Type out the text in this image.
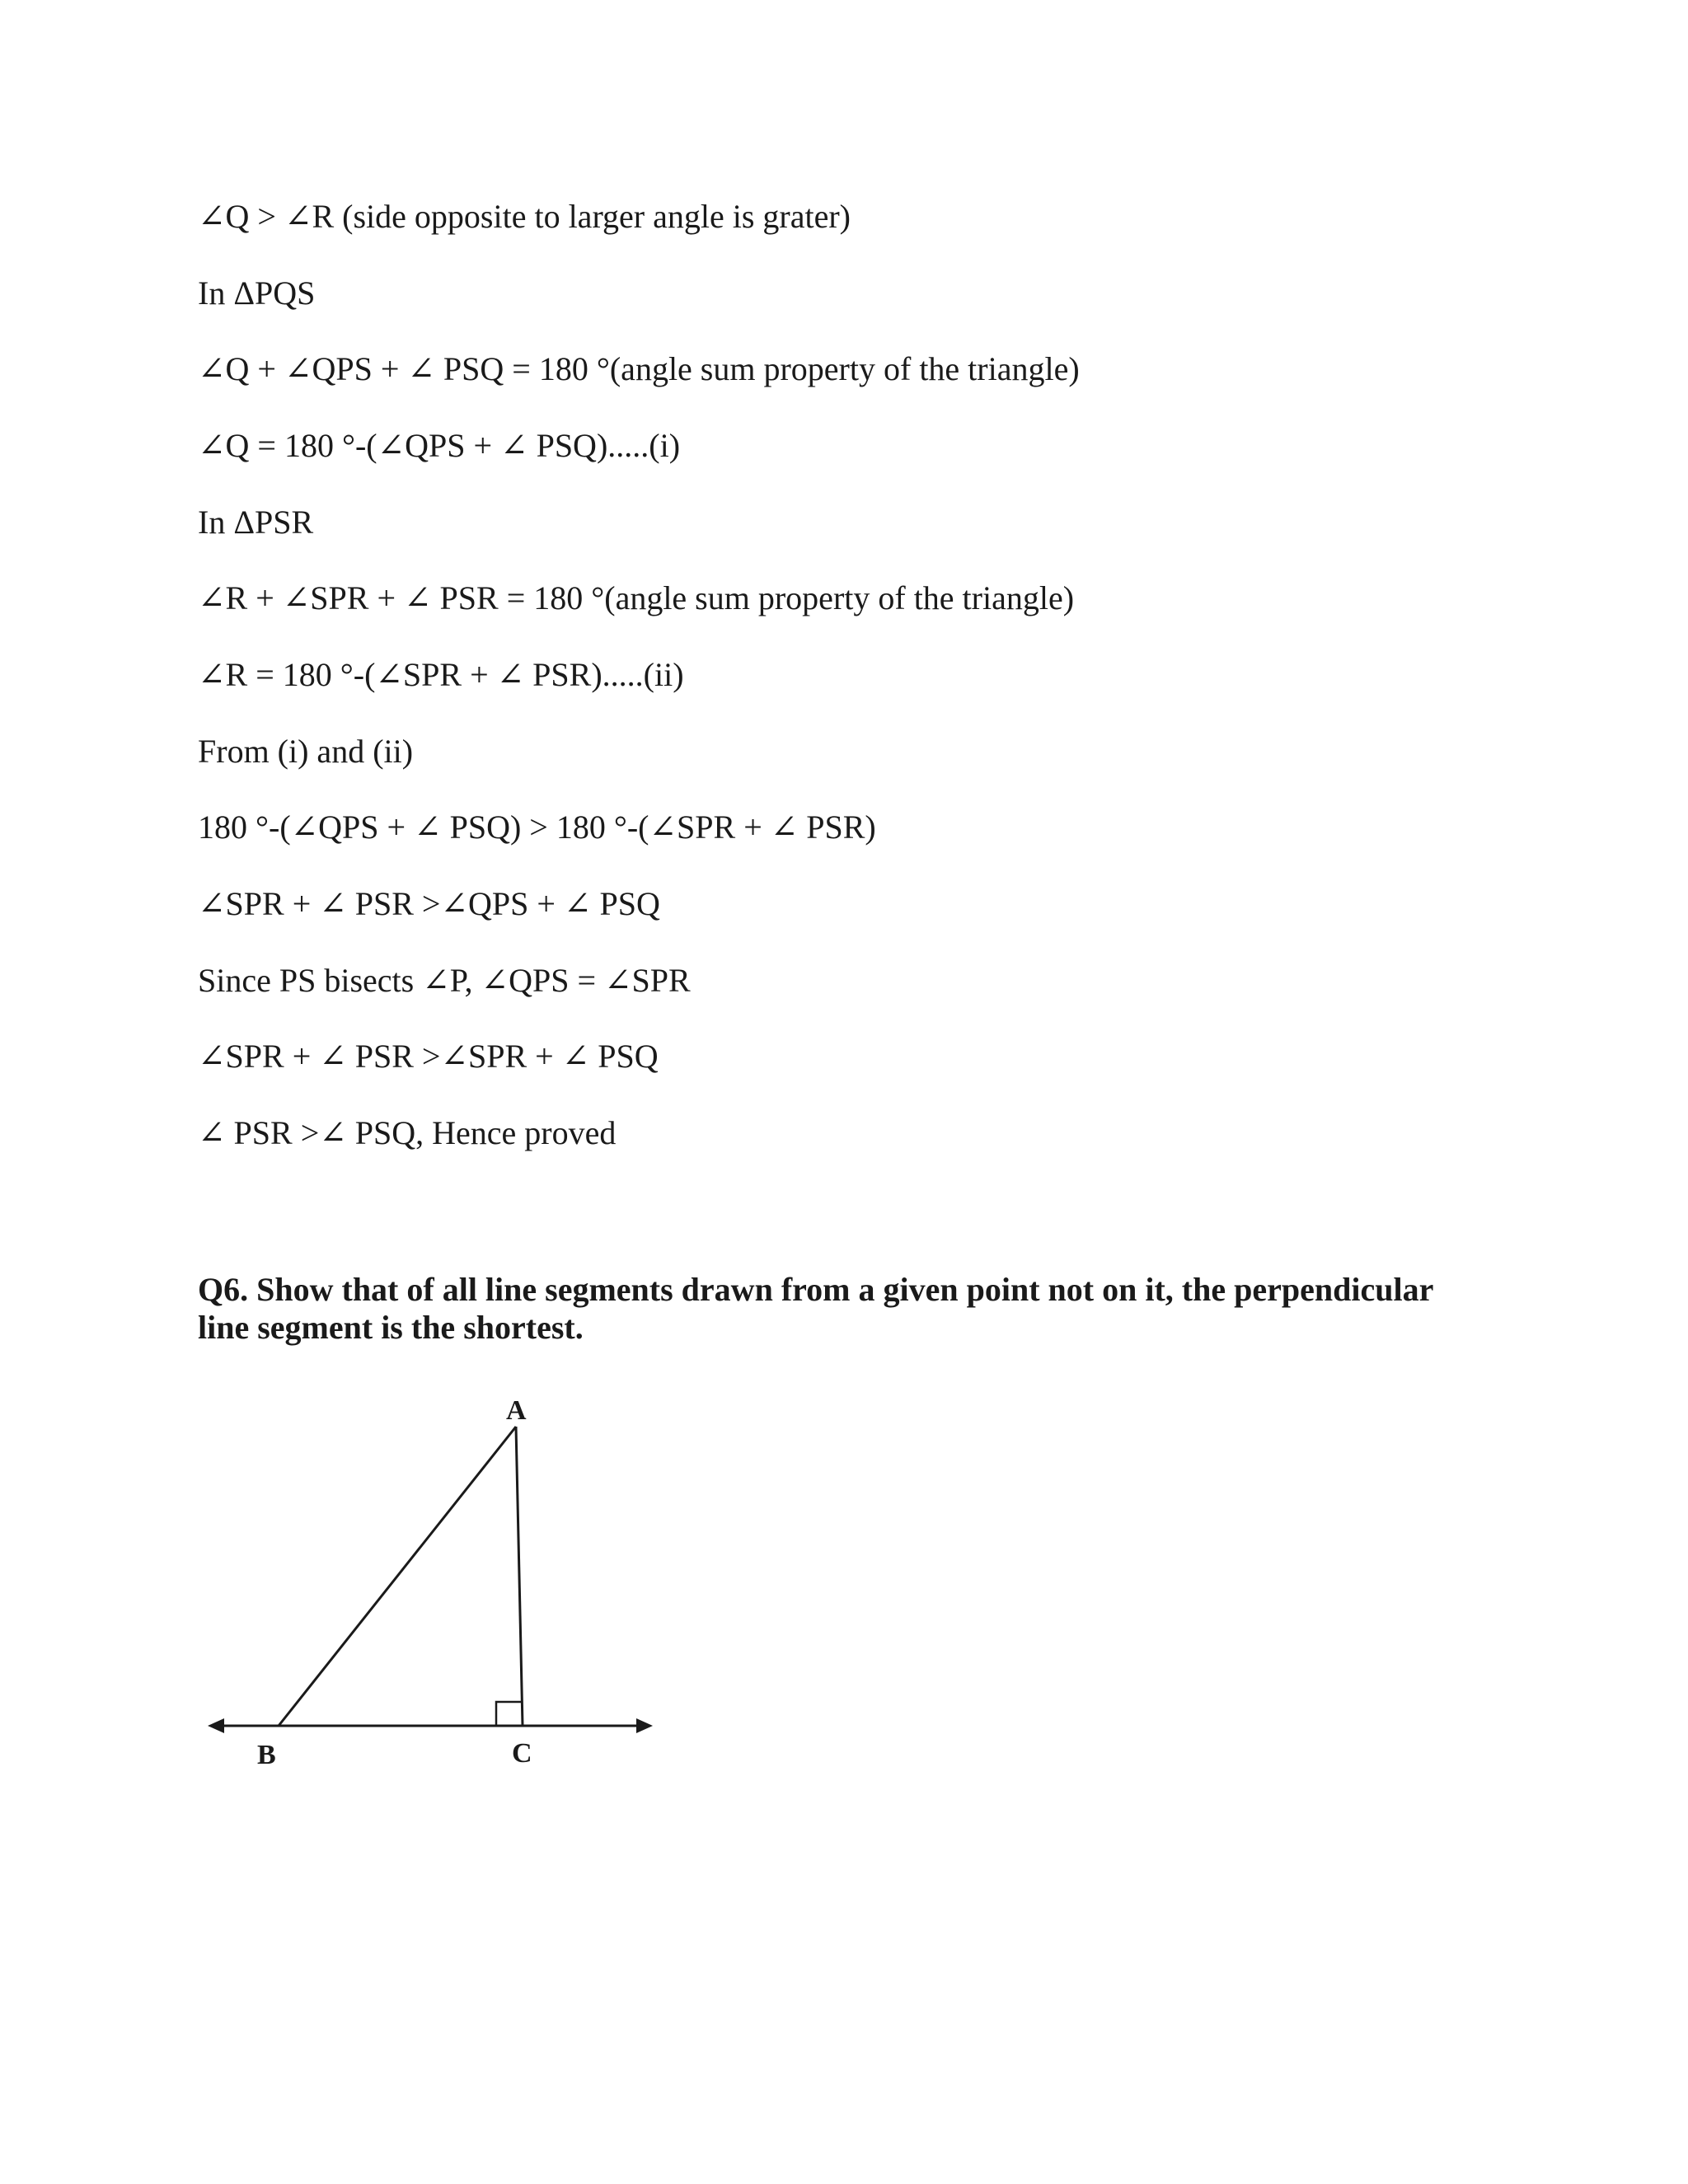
∠Q > ∠R (side opposite to larger angle is grater)
In ΔPQS
∠Q + ∠QPS + ∠ PSQ = 180 °(angle sum property of the triangle)
∠Q = 180 °-(∠QPS + ∠ PSQ).....(i)
In ΔPSR
∠R + ∠SPR + ∠ PSR = 180 °(angle sum property of the triangle)
∠R = 180 °-(∠SPR + ∠ PSR).....(ii)
From (i) and (ii)
180 °-(∠QPS + ∠ PSQ) > 180 °-(∠SPR + ∠ PSR)
∠SPR + ∠ PSR >∠QPS + ∠ PSQ
Since PS bisects ∠P, ∠QPS = ∠SPR
∠SPR + ∠ PSR >∠SPR + ∠ PSQ
∠ PSR >∠ PSQ, Hence proved
Q6. Show that of all line segments drawn from a given point not on it, the perpendicular line segment is the shortest.
A
B	C
